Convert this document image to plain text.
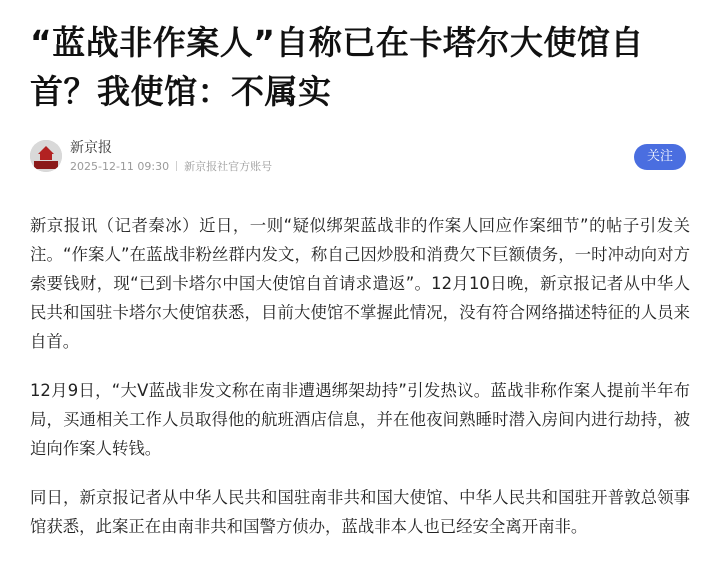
“蓝战非作案人”自称已在卡塔尔大使馆自首？我使馆：不属实
新京报
2025-12-11 09:30 新京报社官方账号
关注

新京报讯（记者秦冰）近日，一则“疑似绑架蓝战非的作案人回应作案细节”的帖子引发关注。“作案人”在蓝战非粉丝群内发文，称自己因炒股和消费欠下巨额债务，一时冲动向对方索要钱财，现“已到卡塔尔中国大使馆自首请求遣返”。12月10日晚，新京报记者从中华人民共和国驻卡塔尔大使馆获悉，目前大使馆不掌握此情况，没有符合网络描述特征的人员来自首。

12月9日，“大V蓝战非发文称在南非遭遇绑架劫持”引发热议。蓝战非称作案人提前半年布局，买通相关工作人员取得他的航班酒店信息，并在他夜间熟睡时潜入房间内进行劫持，被迫向作案人转钱。

同日，新京报记者从中华人民共和国驻南非共和国大使馆、中华人民共和国驻开普敦总领事馆获悉，此案正在由南非共和国警方侦办，蓝战非本人也已经安全离开南非。
